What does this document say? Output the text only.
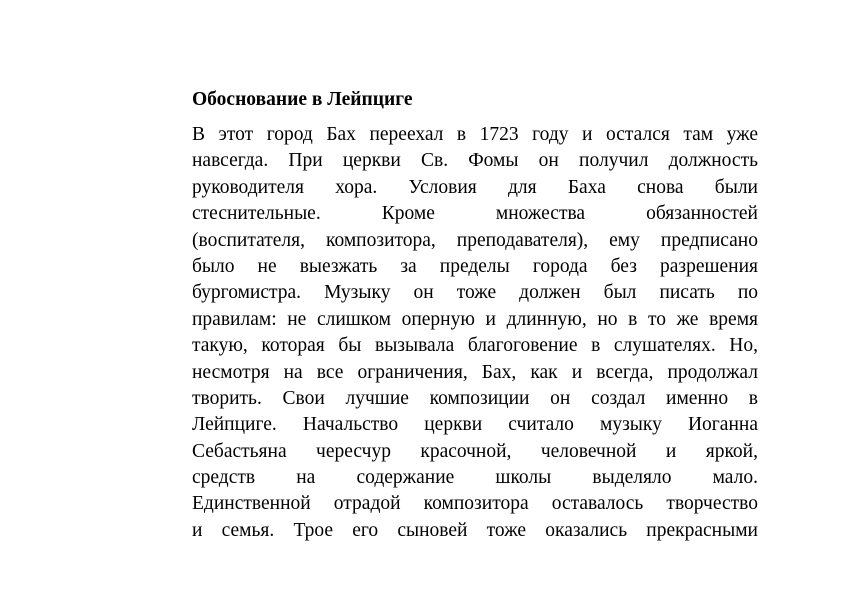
Обоснование в Лейпциге
В этот город Бах переехал в 1723 году и остался там уже
навсегда. При церкви Св. Фомы он получил должность
руководителя хора. Условия для Баха снова были
стеснительные. Кроме множества обязанностей
(воспитателя, композитора, преподавателя), ему предписано
было не выезжать за пределы города без разрешения
бургомистра. Музыку он тоже должен был писать по
правилам: не слишком оперную и длинную, но в то же время
такую, которая бы вызывала благоговение в слушателях. Но,
несмотря на все ограничения, Бах, как и всегда, продолжал
творить. Свои лучшие композиции он создал именно в
Лейпциге. Начальство церкви считало музыку Иоганна
Себастьяна чересчур красочной, человечной и яркой,
средств на содержание школы выделяло мало.
Единственной отрадой композитора оставалось творчество
и семья. Трое его сыновей тоже оказались прекрасными
